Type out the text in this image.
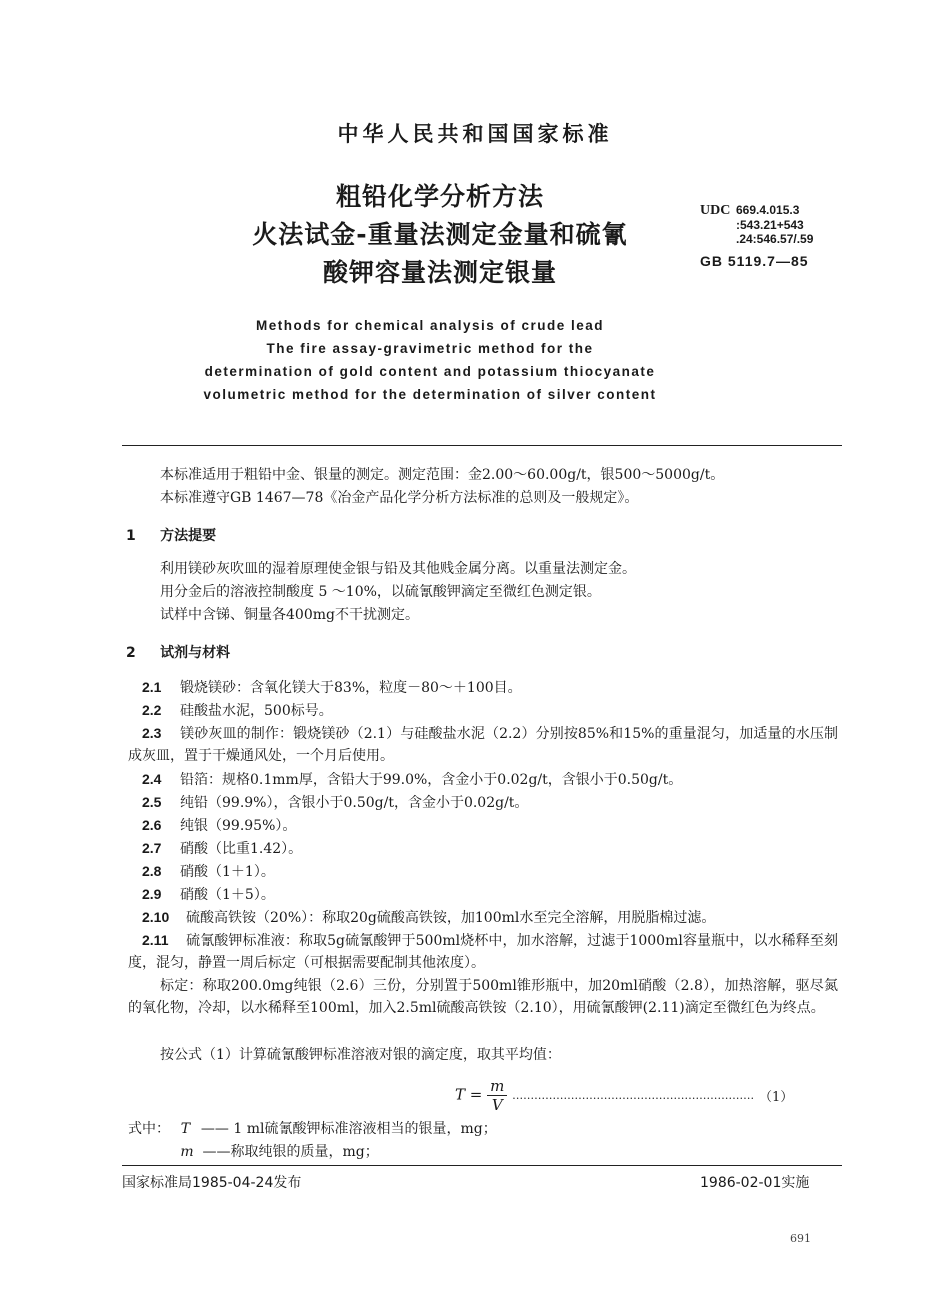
中华人民共和国国家标准
粗铅化学分析方法
火法试金-重量法测定金量和硫氰
酸钾容量法测定银量
UDC 669.4.015.3
:543.21+543
.24:546.57/.59
GB 5119.7—85
Methods for chemical analysis of crude lead
The fire assay-gravimetric method for the
determination of gold content and potassium thiocyanate
volumetric method for the determination of silver content
本标准适用于粗铅中金、银量的测定。测定范围：金2.00～60.00g/t，银500～5000g/t。
本标准遵守GB 1467—78《冶金产品化学分析方法标准的总则及一般规定》。
1 方法提要
利用镁砂灰吹皿的湿着原理使金银与铅及其他贱金属分离。以重量法测定金。
用分金后的溶液控制酸度 5 ～10%，以硫氰酸钾滴定至微红色测定银。
试样中含锑、铜量各400mg不干扰测定。
2 试剂与材料
2.1 锻烧镁砂：含氧化镁大于83%，粒度－80～＋100目。
2.2 硅酸盐水泥，500标号。
2.3 镁砂灰皿的制作：锻烧镁砂（2.1）与硅酸盐水泥（2.2）分别按85%和15%的重量混匀，加适量的水压制成灰皿，置于干燥通风处，一个月后使用。
2.4 铅箔：规格0.1mm厚，含铅大于99.0%，含金小于0.02g/t，含银小于0.50g/t。
2.5 纯铅（99.9%），含银小于0.50g/t，含金小于0.02g/t。
2.6 纯银（99.95%）。
2.7 硝酸（比重1.42）。
2.8 硝酸（1＋1）。
2.9 硝酸（1＋5）。
2.10 硫酸高铁铵（20%）：称取20g硫酸高铁铵，加100ml水至完全溶解，用脱脂棉过滤。
2.11 硫氰酸钾标准液：称取5g硫氰酸钾于500ml烧杯中，加水溶解，过滤于1000ml容量瓶中，以水稀释至刻度，混匀，静置一周后标定（可根据需要配制其他浓度）。
标定：称取200.0mg纯银（2.6）三份，分别置于500ml锥形瓶中，加20ml硝酸（2.8），加热溶解，驱尽氮的氧化物，冷却，以水稀释至100ml，加入2.5ml硫酸高铁铵（2.10），用硫氰酸钾(2.11)滴定至微红色为终点。
按公式（1）计算硫氰酸钾标准溶液对银的滴定度，取其平均值：
$T = \frac{m}{V}$ ………………………………………………………… （1）
式中： T —— 1 ml硫氰酸钾标准溶液相当的银量，mg；
m ——称取纯银的质量，mg；
国家标准局1985-04-24发布	1986-02-01实施
691
